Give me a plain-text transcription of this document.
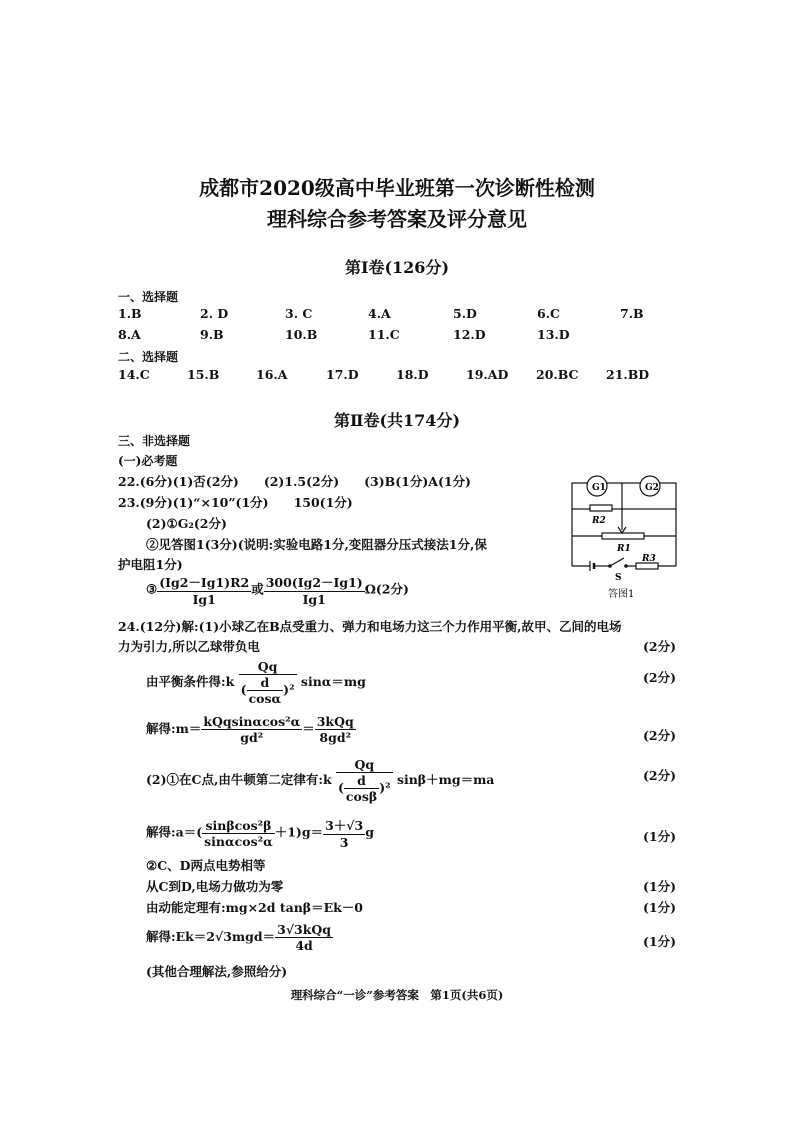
成都市2020级高中毕业班第一次诊断性检测
理科综合参考答案及评分意见
第Ⅰ卷(126分)
一、选择题
1.B	2. D	3. C	4.A	5.D	6.C	7.B
8.A	9.B	10.B	11.C	12.D	13.D
二、选择题
14.C	15.B	16.A	17.D	18.D	19.AD 20.BC 21.BD
第Ⅱ卷(共174分)
三、非选择题
(一)必考题
22.(6分)(1)否(2分)　　(2)1.5(2分)　　(3)B(1分)A(1分)
23.(9分)(1)“×10”(1分)　　150(1分)
(2)①G₂(2分)
②见答图1(3分)(说明:实验电路1分,变阻器分压式接法1分,保
护电阻1分)
③ $\frac{(Ig2-Ig1)R2}{Ig1}$ 或 $\frac{300(Ig2-Ig1)}{Ig1} \Omega(2$分)
G1	G2
R2
R1
R3
S
答图1
24.(12分)解:(1)小球乙在B点受重力、弹力和电场力这三个力作用平衡,故甲、乙间的电场
力为引力,所以乙球带负电	(2分)
由平衡条件得:k $\frac{Qq}{( \frac{d}{\cos\alpha} )^2} \sin\alpha=mg$	(2分)
解得:m＝ $\frac{\text{kQqsinαcos²α}}{\text{gd²}} = \frac{\text{3kQq}}{\text{8gd²}}$	(2分)
(2)①在C点,由牛顿第二定律有:k $\frac{Qq}{( \frac{d}{\cos\beta} )^2} \sin\beta+mg=ma$	(2分)
解得:a＝( $\frac{\text{sinβcos²β}}{\text{sinαcos²α}} +1)g= \frac{3+√3}{3}$ g	(1分)
②C、D两点电势相等
从C到D,电场力做功为零	(1分)
由动能定理有:mg×2d tanβ＝Ek－0	(1分)
解得:Ek＝2√3mgd＝ $\frac{\text{3√3kQq}}{4d}$	(1分)
(其他合理解法,参照给分)
理科综合“一诊”参考答案　第1页(共6页)
